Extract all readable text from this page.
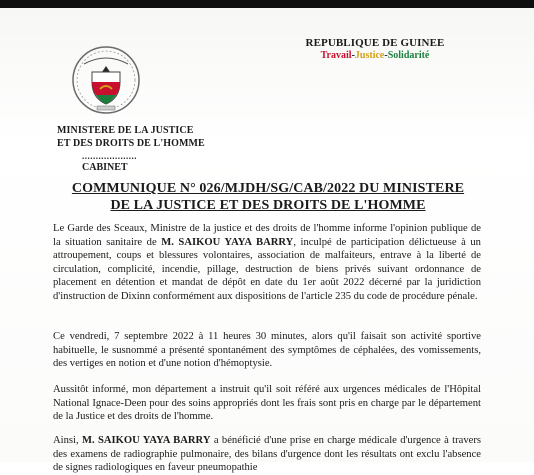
REPUBLIQUE DE GUINEE
Travail-Justice-Solidarité
MINISTERE DE LA JUSTICE
ET DES DROITS DE L'HOMME
....................
CABINET
COMMUNIQUE N° 026/MJDH/SG/CAB/2022 DU MINISTERE
DE LA JUSTICE ET DES DROITS DE L'HOMME

Le Garde des Sceaux, Ministre de la justice et des droits de l'homme informe l'opinion publique de la situation sanitaire de M. SAIKOU YAYA BARRY, inculpé de participation délictueuse à un attroupement, coups et blessures volontaires, association de malfaiteurs, entrave à la liberté de circulation, complicité, incendie, pillage, destruction de biens privés suivant ordonnance de placement en détention et mandat de dépôt en date du 1er août 2022 décerné par la juridiction d'instruction de Dixinn conformément aux dispositions de l'article 235 du code de procédure pénale.

Ce vendredi, 7 septembre 2022 à 11 heures 30 minutes, alors qu'il faisait son activité sportive habituelle, le susnommé a présenté spontanément des symptômes de céphalées, des vomissements, des vertiges en notion et d'une notion d'hémoptysie.

Aussitôt informé, mon département a instruit qu'il soit référé aux urgences médicales de l'Hôpital National Ignace-Deen pour des soins appropriés dont les frais sont pris en charge par le département de la Justice et des droits de l'homme.

Ainsi, M. SAIKOU YAYA BARRY a bénéficié d'une prise en charge médicale d'urgence à travers des examens de radiographie pulmonaire, des bilans d'urgence dont les résultats ont exclu l'absence de signes radiologiques en faveur pneumopathie
